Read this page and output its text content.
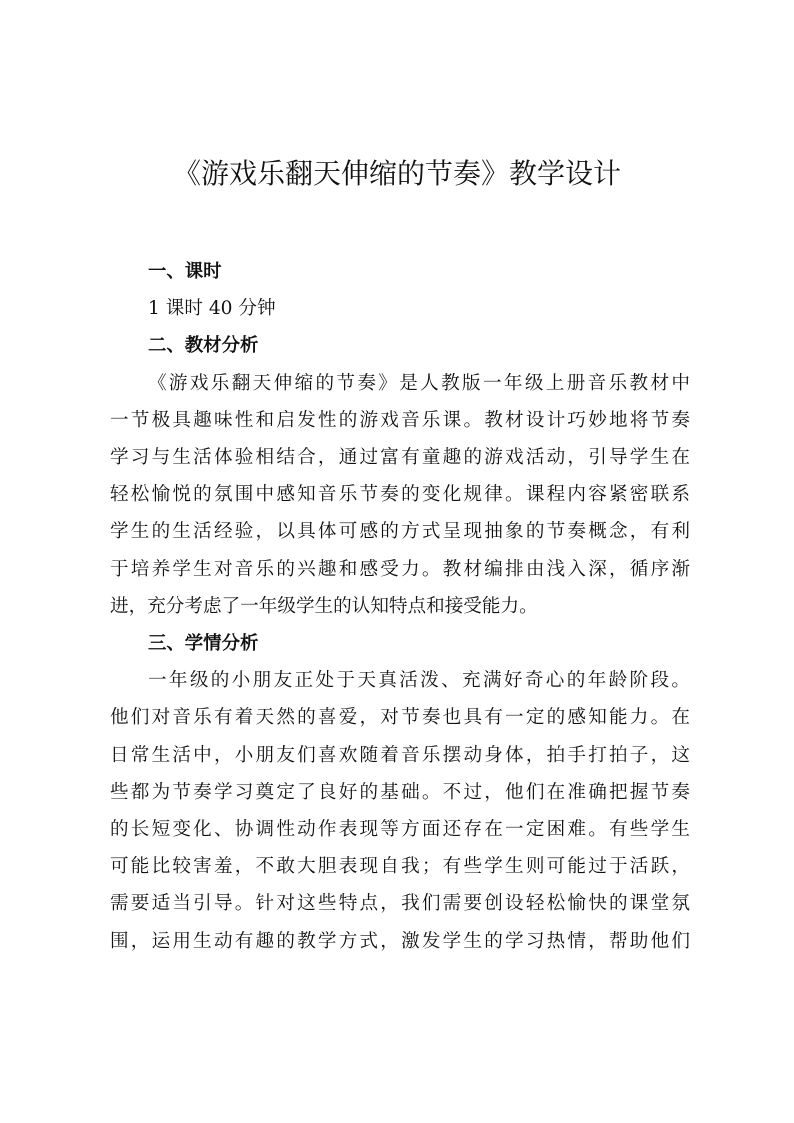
《游戏乐翻天伸缩的节奏》教学设计

一、课时

1 课时 40 分钟

二、教材分析

《游戏乐翻天伸缩的节奏》是人教版一年级上册音乐教材中
一节极具趣味性和启发性的游戏音乐课。教材设计巧妙地将节奏
学习与生活体验相结合，通过富有童趣的游戏活动，引导学生在
轻松愉悦的氛围中感知音乐节奏的变化规律。课程内容紧密联系
学生的生活经验，以具体可感的方式呈现抽象的节奏概念，有利
于培养学生对音乐的兴趣和感受力。教材编排由浅入深，循序渐
进，充分考虑了一年级学生的认知特点和接受能力。

三、学情分析

一年级的小朋友正处于天真活泼、充满好奇心的年龄阶段。
他们对音乐有着天然的喜爱，对节奏也具有一定的感知能力。在
日常生活中，小朋友们喜欢随着音乐摆动身体，拍手打拍子，这
些都为节奏学习奠定了良好的基础。不过，他们在准确把握节奏
的长短变化、协调性动作表现等方面还存在一定困难。有些学生
可能比较害羞，不敢大胆表现自我；有些学生则可能过于活跃，
需要适当引导。针对这些特点，我们需要创设轻松愉快的课堂氛
围，运用生动有趣的教学方式，激发学生的学习热情，帮助他们
